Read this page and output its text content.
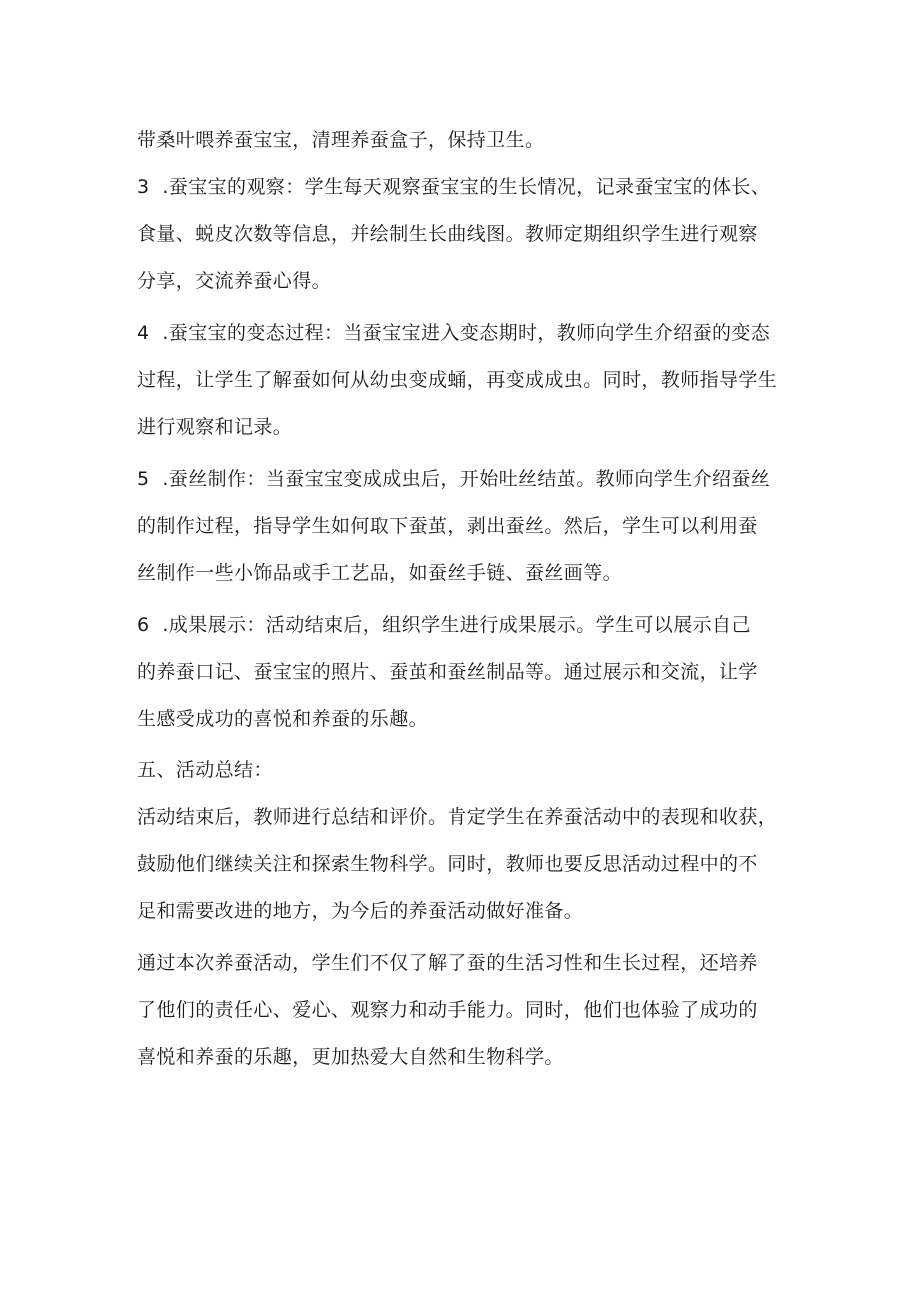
带桑叶喂养蚕宝宝，清理养蚕盒子，保持卫生。
3  .蚕宝宝的观察：学生每天观察蚕宝宝的生长情况，记录蚕宝宝的体长、
食量、蜕皮次数等信息，并绘制生长曲线图。教师定期组织学生进行观察
分享，交流养蚕心得。
4  .蚕宝宝的变态过程：当蚕宝宝进入变态期时，教师向学生介绍蚕的变态
过程，让学生了解蚕如何从幼虫变成蛹，再变成成虫。同时，教师指导学生
进行观察和记录。
5  .蚕丝制作：当蚕宝宝变成成虫后，开始吐丝结茧。教师向学生介绍蚕丝
的制作过程，指导学生如何取下蚕茧，剥出蚕丝。然后，学生可以利用蚕
丝制作一些小饰品或手工艺品，如蚕丝手链、蚕丝画等。
6  .成果展示：活动结束后，组织学生进行成果展示。学生可以展示自己
的养蚕口记、蚕宝宝的照片、蚕茧和蚕丝制品等。通过展示和交流，让学
生感受成功的喜悦和养蚕的乐趣。
五、活动总结：
活动结束后，教师进行总结和评价。肯定学生在养蚕活动中的表现和收获，
鼓励他们继续关注和探索生物科学。同时，教师也要反思活动过程中的不
足和需要改进的地方，为今后的养蚕活动做好准备。
通过本次养蚕活动，学生们不仅了解了蚕的生活习性和生长过程，还培养
了他们的责任心、爱心、观察力和动手能力。同时，他们也体验了成功的
喜悦和养蚕的乐趣，更加热爱大自然和生物科学。
